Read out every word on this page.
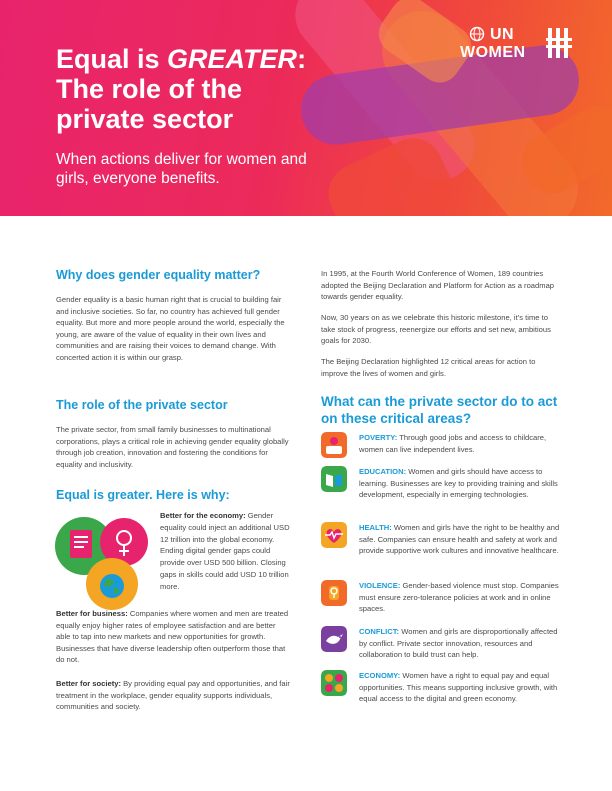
Equal is GREATER:
The role of the
private sector

When actions deliver for women and girls, everyone benefits.

UN
WOMEN
Why does gender equality matter?

Gender equality is a basic human right that is crucial to building fair and inclusive societies. So far, no country has achieved full gender equality. But more and more people around the world, especially the young, are aware of the value of equality in their own lives and communities and are raising their voices to demand change. With concerted action it is within our grasp.

The role of the private sector

The private sector, from small family businesses to multinational corporations, plays a critical role in achieving gender equality globally through job creation, innovation and fostering the conditions for equality and inclusivity.

Equal is greater. Here is why:

Better for the economy: Gender equality could inject an additional USD 12 trillion into the global economy. Ending digital gender gaps could provide over USD 500 billion. Closing gaps in skills could add USD 10 trillion more.

Better for business: Companies where women and men are treated equally enjoy higher rates of employee satisfaction and are better able to tap into new markets and new opportunities for growth. Businesses that have diverse leadership often outperform those that do not.

Better for society: By providing equal pay and opportunities, and fair treatment in the workplace, gender equality supports individuals, communities and society.

In 1995, at the Fourth World Conference of Women, 189 countries adopted the Beijing Declaration and Platform for Action as a roadmap towards gender equality.

Now, 30 years on as we celebrate this historic milestone, it’s time to take stock of progress, reenergize our efforts and set new, ambitious goals for 2030.

The Beijing Declaration highlighted 12 critical areas for action to improve the lives of women and girls.

What can the private sector do to act on these critical areas?

POVERTY: Through good jobs and access to childcare, women can live independent lives.

EDUCATION: Women and girls should have access to learning. Businesses are key to providing training and skills development, especially in emerging technologies.

HEALTH: Women and girls have the right to be healthy and safe. Companies can ensure health and safety at work and provide supportive work cultures and innovative healthcare.

VIOLENCE: Gender-based violence must stop. Companies must ensure zero-tolerance policies at work and in online spaces.

CONFLICT: Women and girls are disproportionally affected by conflict. Private sector innovation, resources and collaboration to build trust can help.

ECONOMY: Women have a right to equal pay and equal opportunities. This means supporting inclusive growth, with equal access to the digital and green economy.
